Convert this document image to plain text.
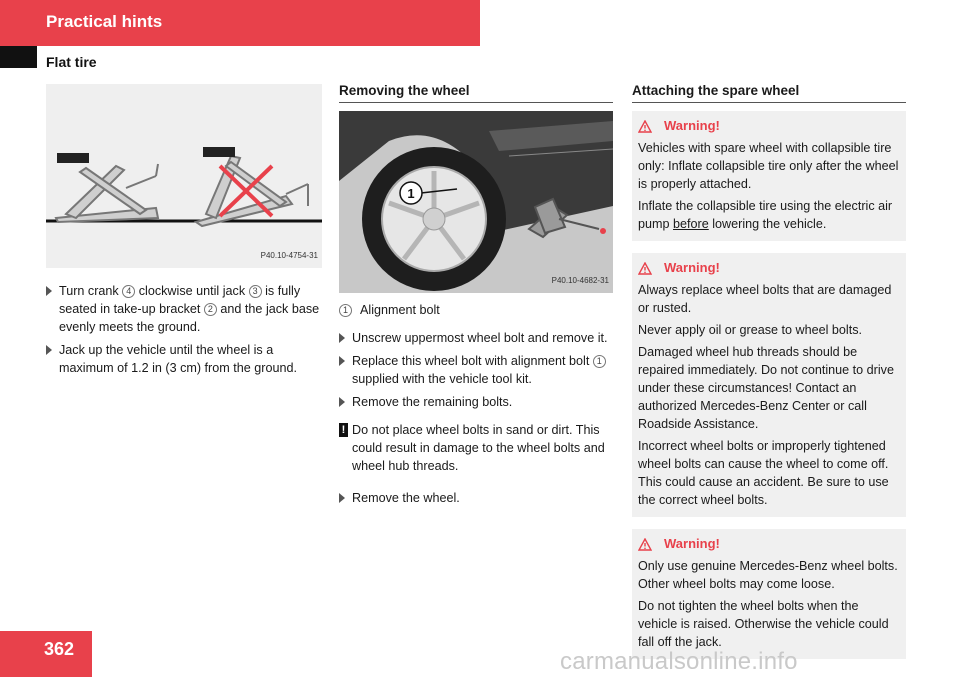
Practical hints
Flat tire
P40.10-4754-31
Turn crank 4 clockwise until jack 3 is fully seated in take-up bracket 2 and the jack base evenly meets the ground.
Jack up the vehicle until the wheel is a maximum of 1.2 in (3 cm) from the ground.
Removing the wheel
1
P40.10-4682-31
1 Alignment bolt
Unscrew uppermost wheel bolt and remove it.
Replace this wheel bolt with alignment bolt 1 supplied with the vehicle tool kit.
Remove the remaining bolts.
! Do not place wheel bolts in sand or dirt. This could result in damage to the wheel bolts and wheel hub threads.
Remove the wheel.
Attaching the spare wheel
Warning!

Vehicles with spare wheel with collapsible tire only: Inflate collapsible tire only after the wheel is properly attached.

Inflate the collapsible tire using the electric air pump before lowering the vehicle.

Warning!

Always replace wheel bolts that are damaged or rusted.

Never apply oil or grease to wheel bolts.

Damaged wheel hub threads should be repaired immediately. Do not continue to drive under these circumstances! Contact an authorized Mercedes-Benz Center or call Roadside Assistance.

Incorrect wheel bolts or improperly tightened wheel bolts can cause the wheel to come off. This could cause an accident. Be sure to use the correct wheel bolts.

Warning!

Only use genuine Mercedes-Benz wheel bolts. Other wheel bolts may come loose.

Do not tighten the wheel bolts when the vehicle is raised. Otherwise the vehicle could fall off the jack.

362	carmanualsonline.info
